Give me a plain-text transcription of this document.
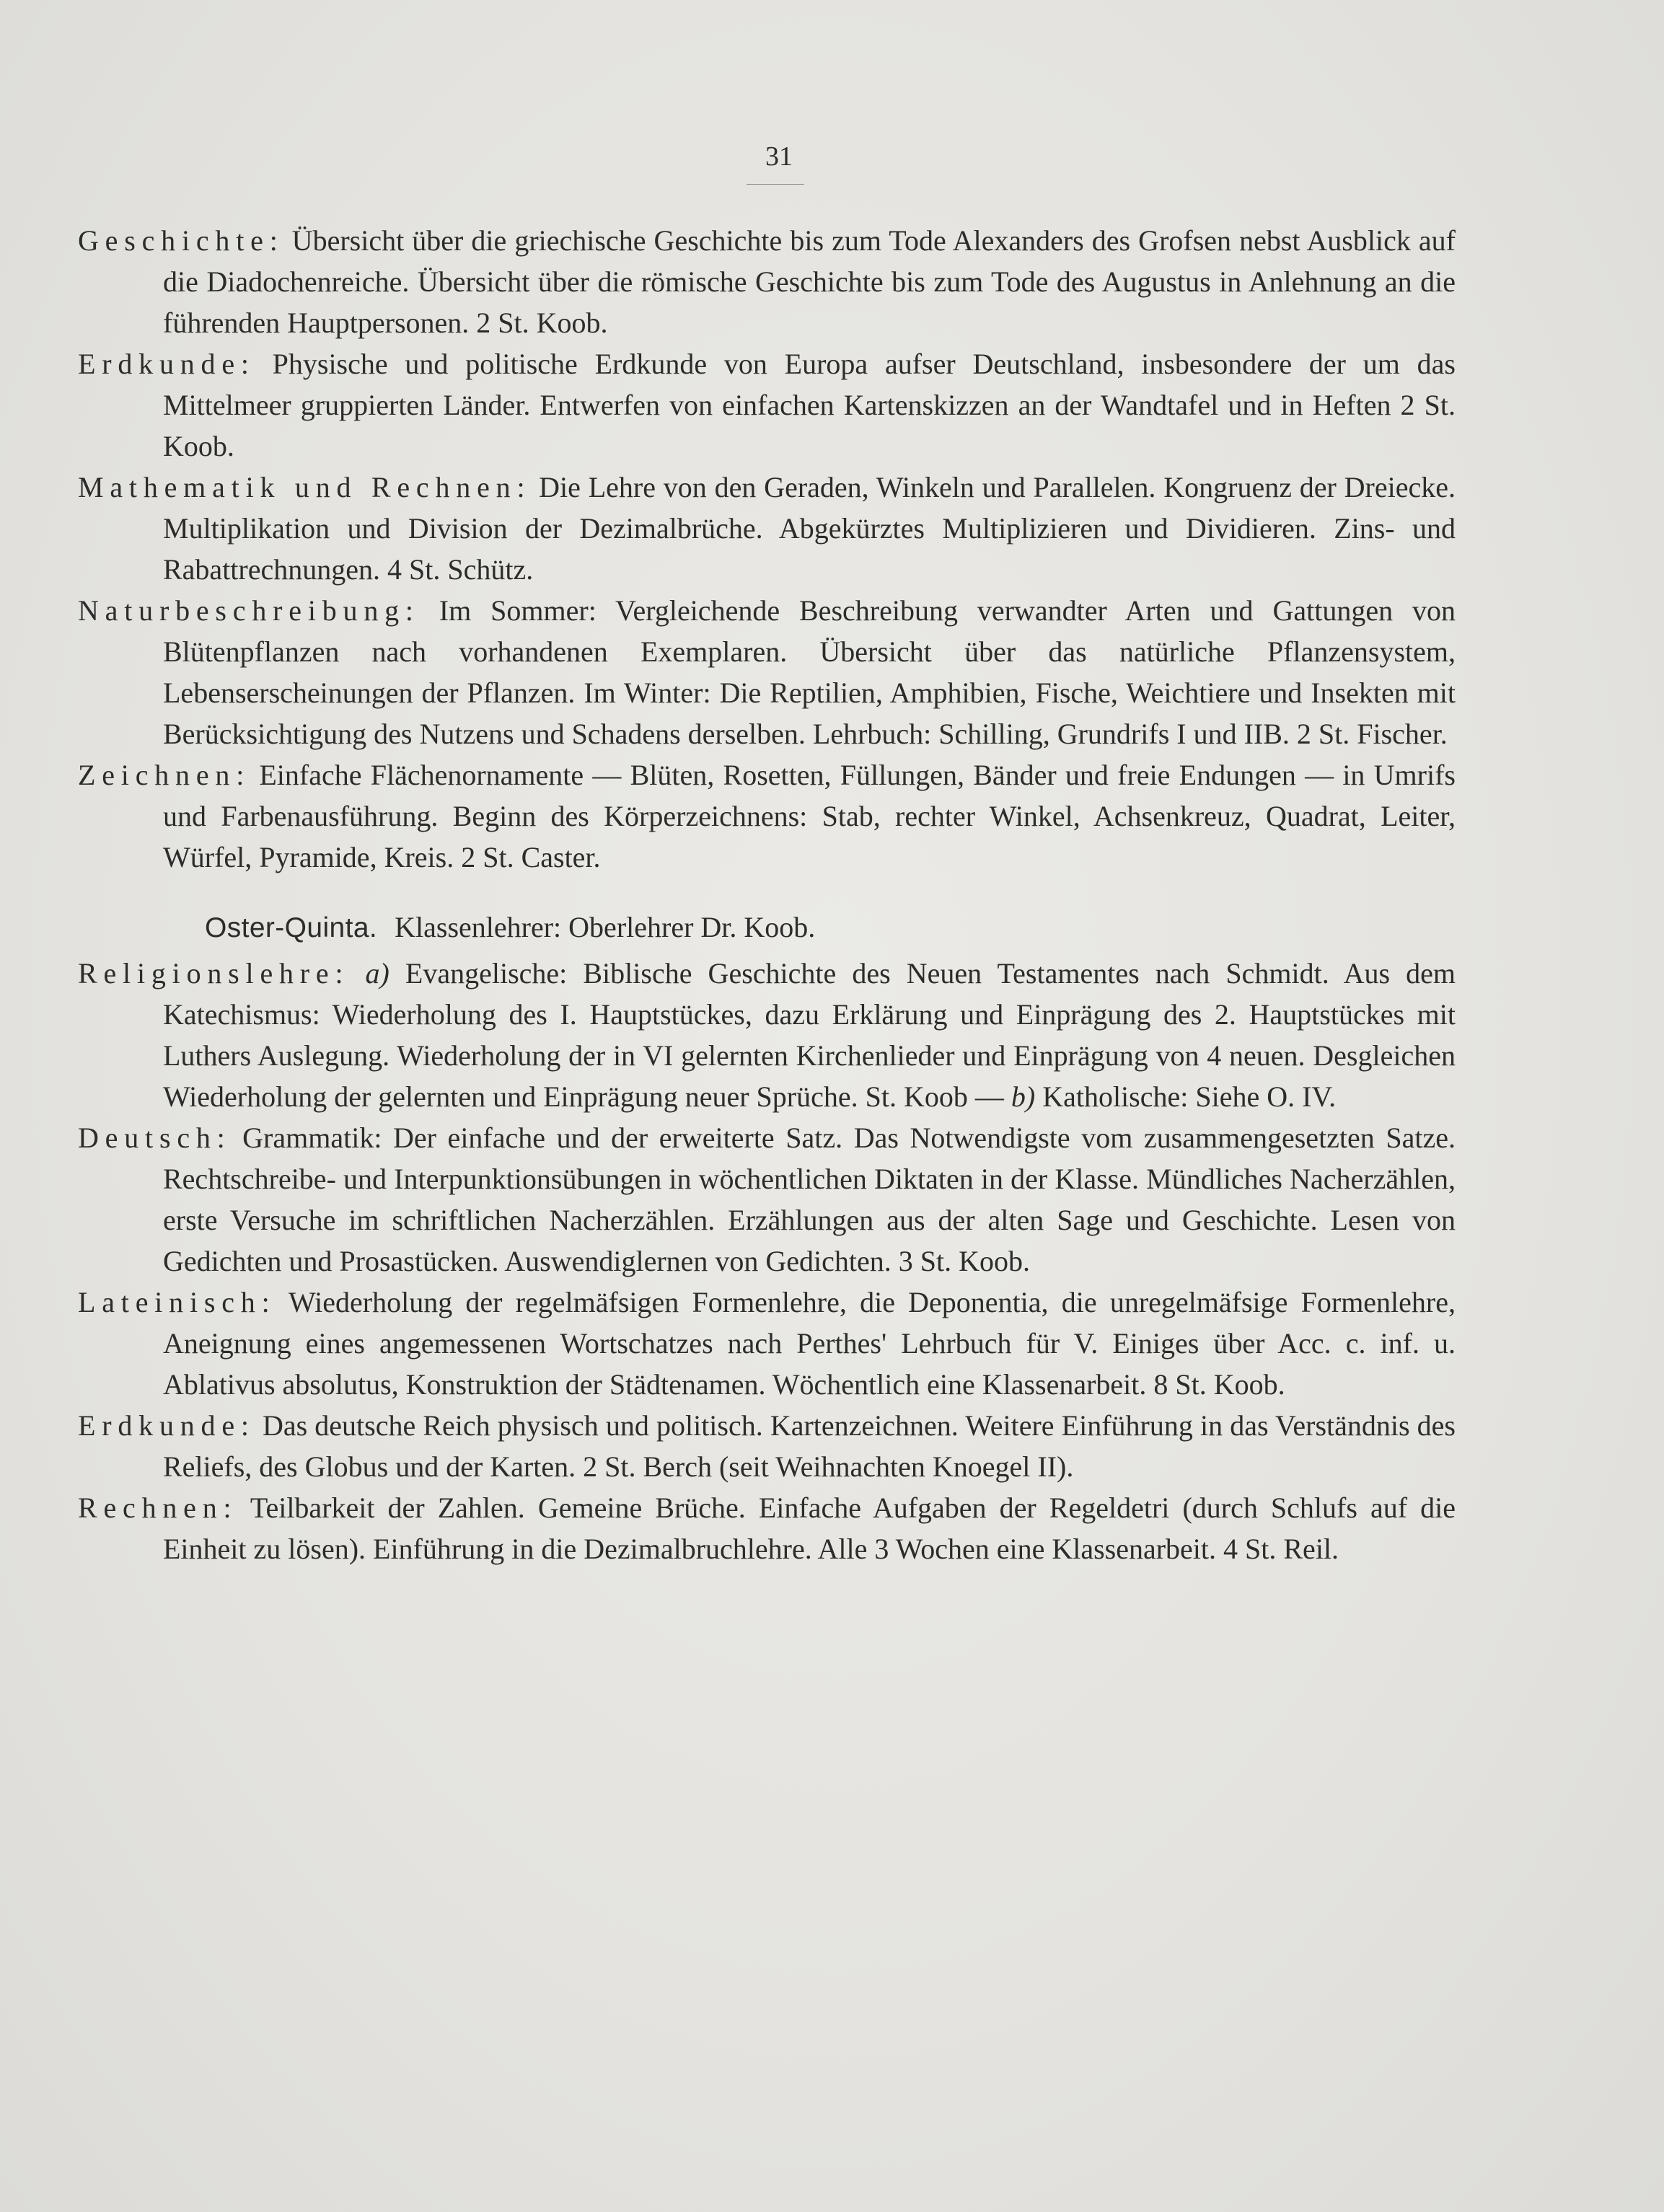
31

Geschichte: Übersicht über die griechische Geschichte bis zum Tode Alexanders des Grofsen nebst Ausblick auf die Diadochenreiche. Übersicht über die römische Geschichte bis zum Tode des Augustus in Anlehnung an die führenden Hauptpersonen. 2 St. Koob.

Erdkunde: Physische und politische Erdkunde von Europa aufser Deutschland, insbesondere der um das Mittelmeer gruppierten Länder. Entwerfen von einfachen Kartenskizzen an der Wandtafel und in Heften 2 St. Koob.

Mathematik und Rechnen: Die Lehre von den Geraden, Winkeln und Parallelen. Kongruenz der Dreiecke. Multiplikation und Division der Dezimalbrüche. Abgekürztes Multiplizieren und Dividieren. Zins- und Rabattrechnungen. 4 St. Schütz.

Naturbeschreibung: Im Sommer: Vergleichende Beschreibung verwandter Arten und Gattungen von Blütenpflanzen nach vorhandenen Exemplaren. Übersicht über das natürliche Pflanzensystem, Lebenserscheinungen der Pflanzen. Im Winter: Die Reptilien, Amphibien, Fische, Weichtiere und Insekten mit Berücksichtigung des Nutzens und Schadens derselben. Lehrbuch: Schilling, Grundrifs I und IIB. 2 St. Fischer.

Zeichnen: Einfache Flächenornamente — Blüten, Rosetten, Füllungen, Bänder und freie Endungen — in Umrifs und Farbenausführung. Beginn des Körperzeichnens: Stab, rechter Winkel, Achsenkreuz, Quadrat, Leiter, Würfel, Pyramide, Kreis. 2 St. Caster.

Oster-Quinta. Klassenlehrer: Oberlehrer Dr. Koob.

Religionslehre: a) Evangelische: Biblische Geschichte des Neuen Testamentes nach Schmidt. Aus dem Katechismus: Wiederholung des I. Hauptstückes, dazu Erklärung und Einprägung des 2. Hauptstückes mit Luthers Auslegung. Wiederholung der in VI gelernten Kirchenlieder und Einprägung von 4 neuen. Desgleichen Wiederholung der gelernten und Einprägung neuer Sprüche. St. Koob — b) Katholische: Siehe O. IV.

Deutsch: Grammatik: Der einfache und der erweiterte Satz. Das Notwendigste vom zusammengesetzten Satze. Rechtschreibe- und Interpunktionsübungen in wöchentlichen Diktaten in der Klasse. Mündliches Nacherzählen, erste Versuche im schriftlichen Nacherzählen. Erzählungen aus der alten Sage und Geschichte. Lesen von Gedichten und Prosastücken. Auswendiglernen von Gedichten. 3 St. Koob.

Lateinisch: Wiederholung der regelmäfsigen Formenlehre, die Deponentia, die unregelmäfsige Formenlehre, Aneignung eines angemessenen Wortschatzes nach Perthes' Lehrbuch für V. Einiges über Acc. c. inf. u. Ablativus absolutus, Konstruktion der Städtenamen. Wöchentlich eine Klassenarbeit. 8 St. Koob.

Erdkunde: Das deutsche Reich physisch und politisch. Kartenzeichnen. Weitere Einführung in das Verständnis des Reliefs, des Globus und der Karten. 2 St. Berch (seit Weihnachten Knoegel II).

Rechnen: Teilbarkeit der Zahlen. Gemeine Brüche. Einfache Aufgaben der Regeldetri (durch Schlufs auf die Einheit zu lösen). Einführung in die Dezimalbruchlehre. Alle 3 Wochen eine Klassenarbeit. 4 St. Reil.
